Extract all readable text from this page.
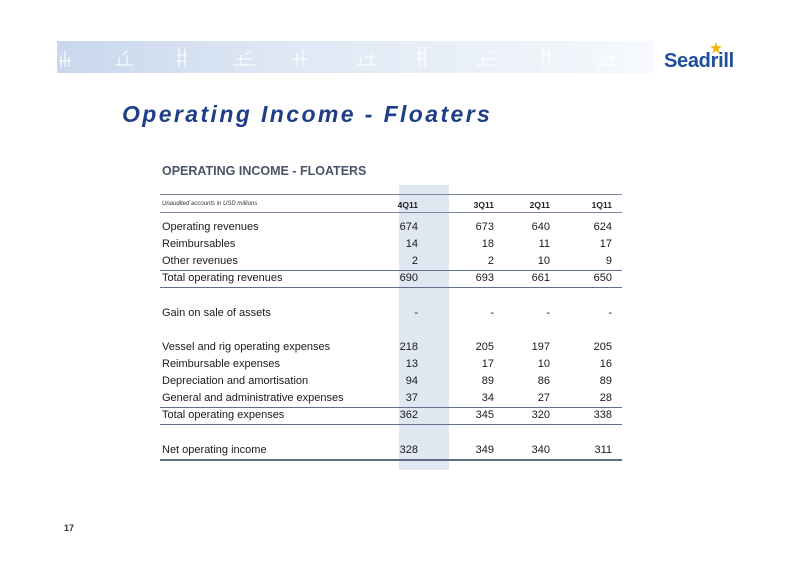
Seadrill
Operating Income - Floaters
OPERATING INCOME - FLOATERS
Unaudited accounts in USD millions	4Q11	3Q11	2Q11	1Q11
Operating revenues	674	673	640	624
Reimbursables	14	18	11	17
Other revenues	2	2	10	9
Total operating revenues	690	693	661	650
Gain on sale of assets	-	-	-	-
Vessel and rig operating expenses	218	205	197	205
Reimbursable expenses	13	17	10	16
Depreciation and amortisation	94	89	86	89
General and administrative expenses	37	34	27	28
Total operating expenses	362	345	320	338
Net operating income	328	349	340	311
17
